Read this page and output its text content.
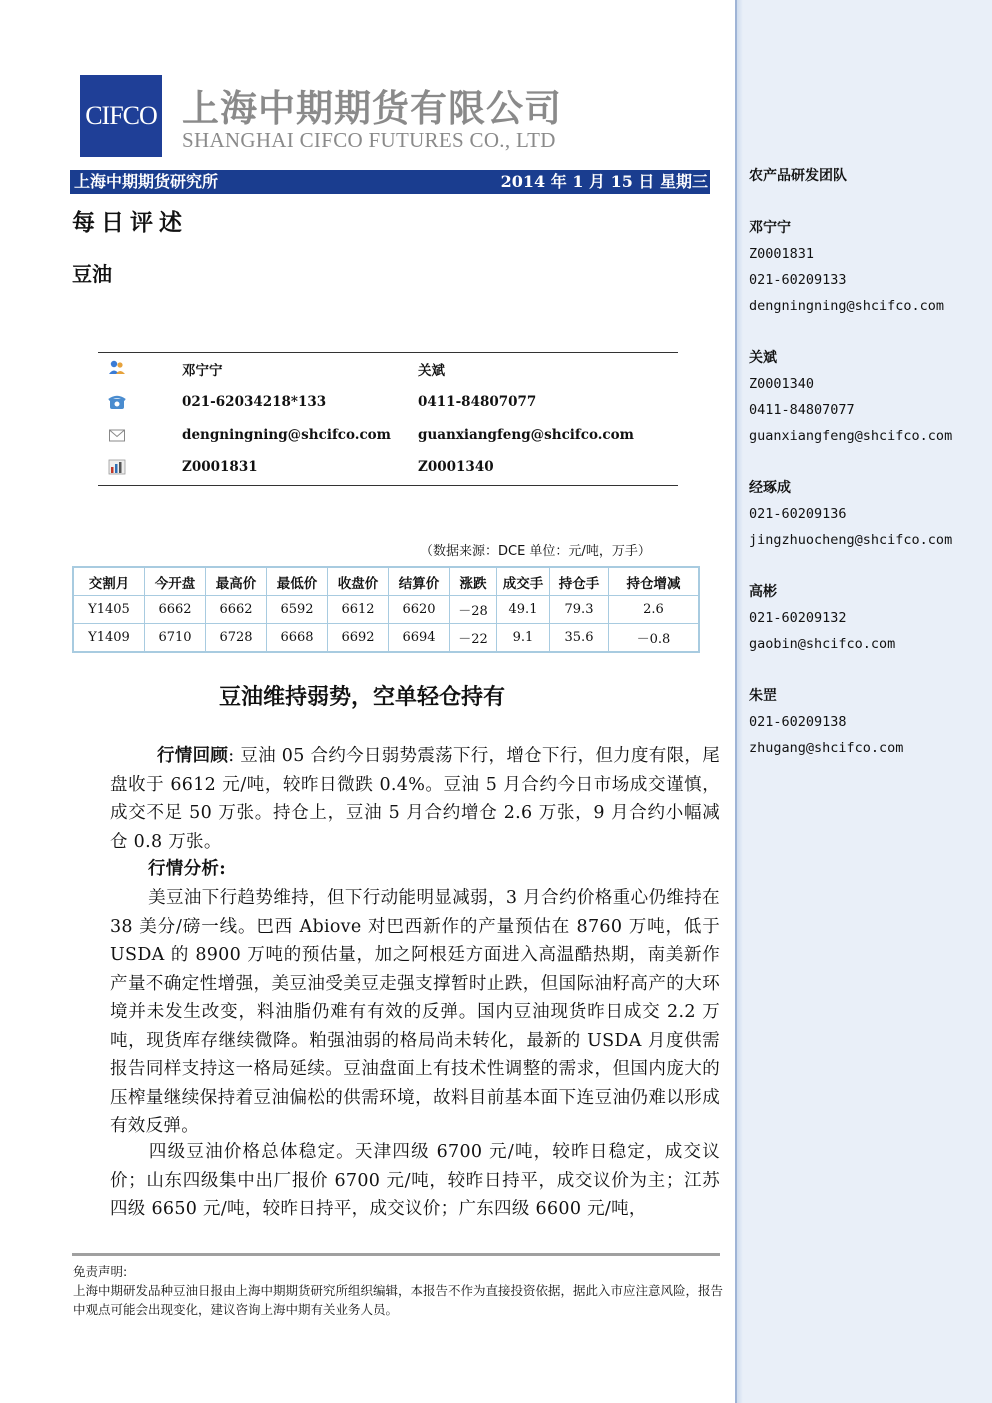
农产品研发团队
邓宁宁
Z0001831
021-60209133
dengningning@shcifco.com
关斌
Z0001340
0411-84807077
guanxiangfeng@shcifco.com
经琢成
021-60209136
jingzhuocheng@shcifco.com
高彬
021-60209132
gaobin@shcifco.com
朱罡
021-60209138
zhugang@shcifco.com
CIFCO 上海中期期货有限公司
SHANGHAI CIFCO FUTURES CO., LTD
上海中期期货研究所	2014 年 1 月 15 日 星期三
每日评述
豆油
邓宁宁	关斌
021-62034218*133	0411-84807077
dengningning@shcifco.com guanxiangfeng@shcifco.com
Z0001831	Z0001340
（数据来源：DCE 单位：元/吨，万手）
交割月	今开盘	最高价	最低价	收盘价	结算价	涨跌	成交手	持仓手	持仓增减
Y1405	6662	6662	6592	6612	6620	－28	49.1	79.3	2.6
Y1409	6710	6728	6668	6692	6694	－22	9.1	35.6	－0.8
豆油维持弱势，空单轻仓持有
行情回顾: 豆油 05 合约今日弱势震荡下行，增仓下行，但力度有限，尾盘收于 6612 元/吨，较昨日微跌 0.4%。豆油 5 月合约今日市场成交谨慎，成交不足 50 万张。持仓上，豆油 5 月合约增仓 2.6 万张，9 月合约小幅减仓 0.8 万张。
行情分析:
美豆油下行趋势维持，但下行动能明显减弱，3 月合约价格重心仍维持在 38 美分/磅一线。巴西 Abiove 对巴西新作的产量预估在 8760 万吨，低于 USDA 的 8900 万吨的预估量，加之阿根廷方面进入高温酷热期，南美新作产量不确定性增强，美豆油受美豆走强支撑暂时止跌，但国际油籽高产的大环境并未发生改变，料油脂仍难有有效的反弹。国内豆油现货昨日成交 2.2 万吨，现货库存继续微降。粕强油弱的格局尚未转化，最新的 USDA 月度供需报告同样支持这一格局延续。豆油盘面上有技术性调整的需求，但国内庞大的压榨量继续保持着豆油偏松的供需环境，故料目前基本面下连豆油仍难以形成有效反弹。
四级豆油价格总体稳定。天津四级 6700 元/吨，较昨日稳定，成交议价；山东四级集中出厂报价 6700 元/吨，较昨日持平，成交议价为主；江苏四级 6650 元/吨，较昨日持平，成交议价；广东四级 6600 元/吨，
免责声明:
上海中期研发品种豆油日报由上海中期期货研究所组织编辑，本报告不作为直接投资依据，据此入市应注意风险，报告中观点可能会出现变化，建议咨询上海中期有关业务人员。
